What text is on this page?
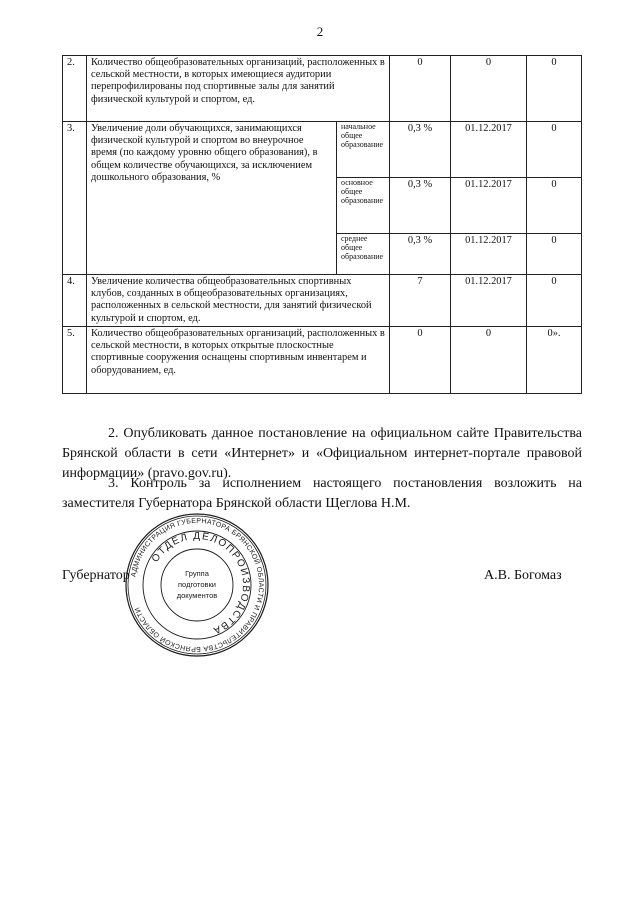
2
2.	Количество общеобразовательных организаций, расположенных в сельской местности, в которых имеющиеся аудитории перепрофилированы под спортивные залы для занятий физической культурой и спортом, ед.		0	0	0
3.	Увеличение доли обучающихся, занимающихся физической культурой и спортом во внеурочное время (по каждому уровню общего образования), в общем количестве обучающихся, за исключением дошкольного образования, %	начальное общее образование	0,3 %	01.12.2017	0
		основное общее образование	0,3 %	01.12.2017	0
		среднее общее образование	0,3 %	01.12.2017	0
4.	Увеличение количества общеобразовательных спортивных клубов, созданных в общеобразовательных организациях, расположенных в сельской местности, для занятий физической культурой и спортом, ед.		7	01.12.2017	0
5.	Количество общеобразовательных организаций, расположенных в сельской местности, в которых открытые плоскостные спортивные сооружения оснащены спортивным инвентарем и оборудованием, ед.		0	0	0».
2. Опубликовать данное постановление на официальном сайте Правительства Брянской области в сети «Интернет» и «Официальном интернет-портале правовой информации» (pravo.gov.ru).
3. Контроль за исполнением настоящего постановления возложить на заместителя Губернатора Брянской области Щеглова Н.М.
Губернатор	А.В. Богомаз
АДМИНИСТРАЦИЯ ГУБЕРНАТОРА БРЯНСКОЙ ОБЛАСТИ И ПРАВИТЕЛЬСТВА БРЯНСКОЙ ОБЛАСТИ
ОТДЕЛ ДЕЛОПРОИЗВОДСТВА
Группа
подготовки
документов
